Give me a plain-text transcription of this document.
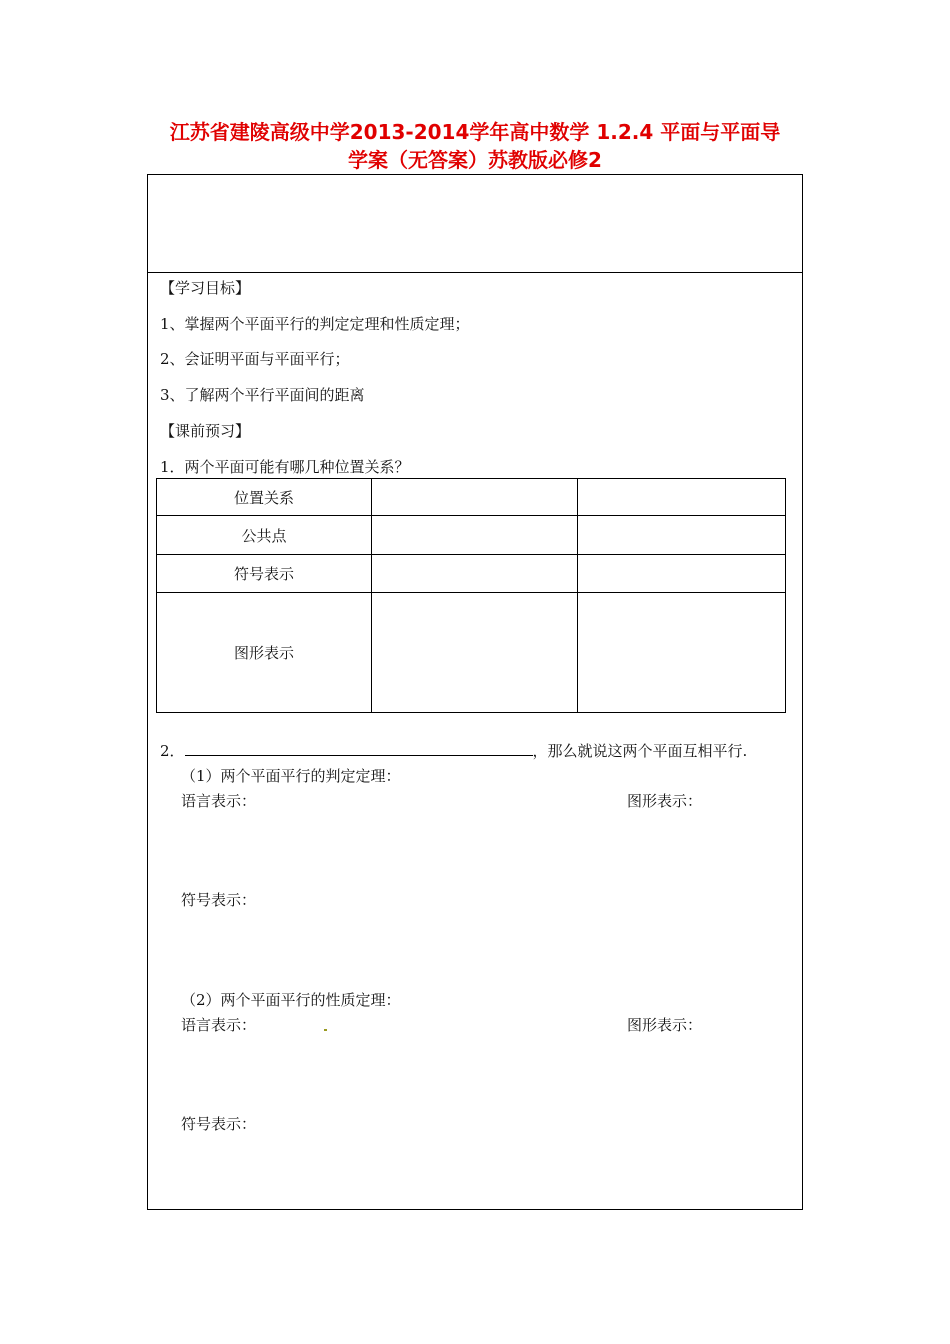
江苏省建陵高级中学2013-2014学年高中数学 1.2.4 平面与平面导
学案（无答案）苏教版必修2
【学习目标】
1、掌握两个平面平行的判定定理和性质定理；
2、会证明平面与平面平行；
3、了解两个平行平面间的距离
【课前预习】
1．两个平面可能有哪几种位置关系？
位置关系		
公共点		
符号表示		
图形表示		
2．	，那么就说这两个平面互相平行.
（1）两个平面平行的判定定理：
语言表示：	图形表示：
符号表示：
（2）两个平面平行的性质定理：
语言表示：	图形表示：
符号表示：
